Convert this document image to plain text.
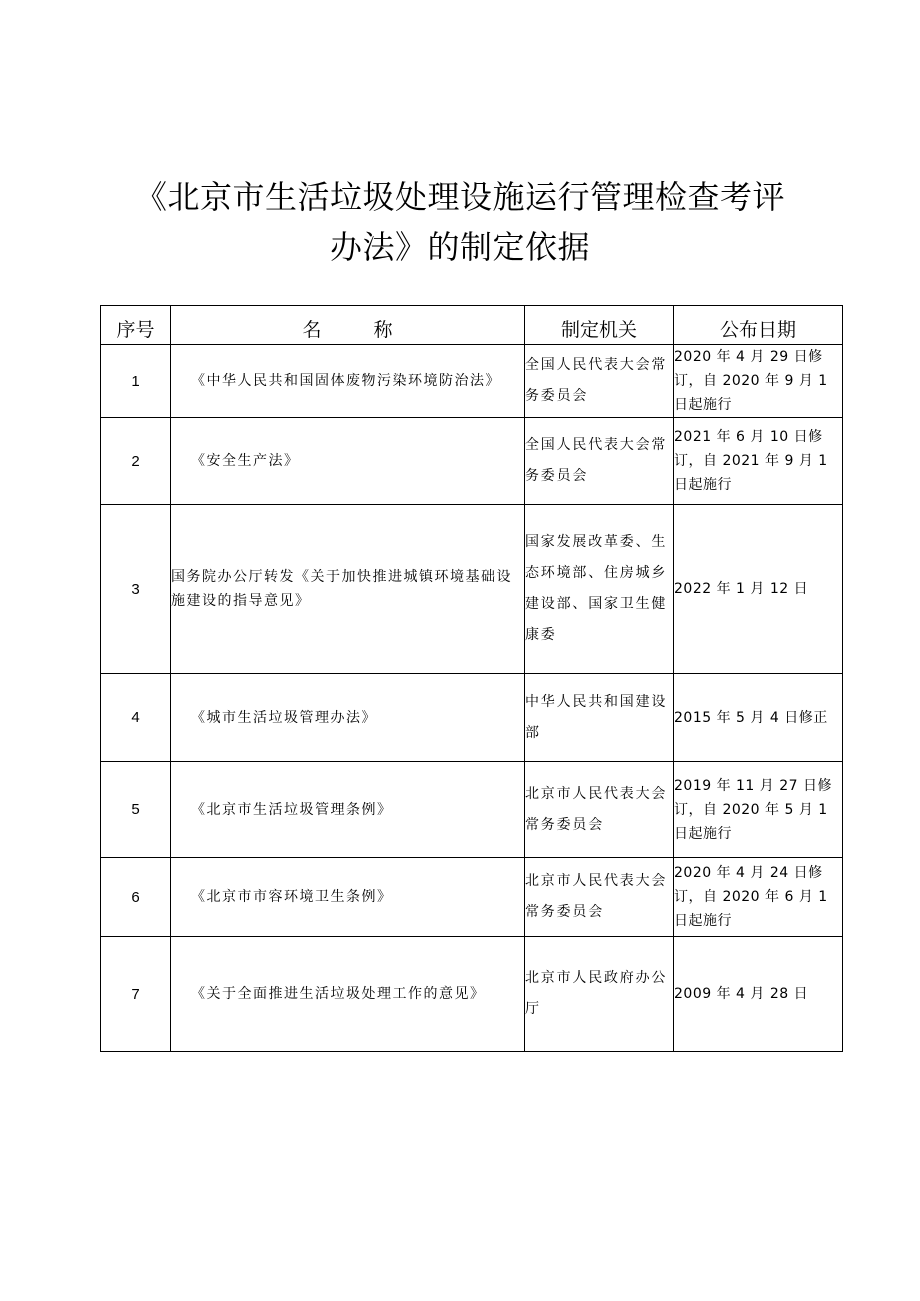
《北京市生活垃圾处理设施运行管理检查考评
办法》的制定依据
序号	名称	制定机关	公布日期
1	《中华人民共和国固体废物污染环境防治法》	全国人民代表大会常务委员会	2020 年 4 月 29 日修订，自 2020 年 9 月 1 日起施行
2	《安全生产法》	全国人民代表大会常务委员会	2021 年 6 月 10 日修订，自 2021 年 9 月 1 日起施行
3	国务院办公厅转发《关于加快推进城镇环境基础设施建设的指导意见》	国家发展改革委、生态环境部、住房城乡建设部、国家卫生健康委	2022 年 1 月 12 日
4	《城市生活垃圾管理办法》	中华人民共和国建设部	2015 年 5 月 4 日修正
5	《北京市生活垃圾管理条例》	北京市人民代表大会常务委员会	2019 年 11 月 27 日修订，自 2020 年 5 月 1 日起施行
6	《北京市市容环境卫生条例》	北京市人民代表大会常务委员会	2020 年 4 月 24 日修订，自 2020 年 6 月 1 日起施行
7	《关于全面推进生活垃圾处理工作的意见》	北京市人民政府办公厅	2009 年 4 月 28 日
